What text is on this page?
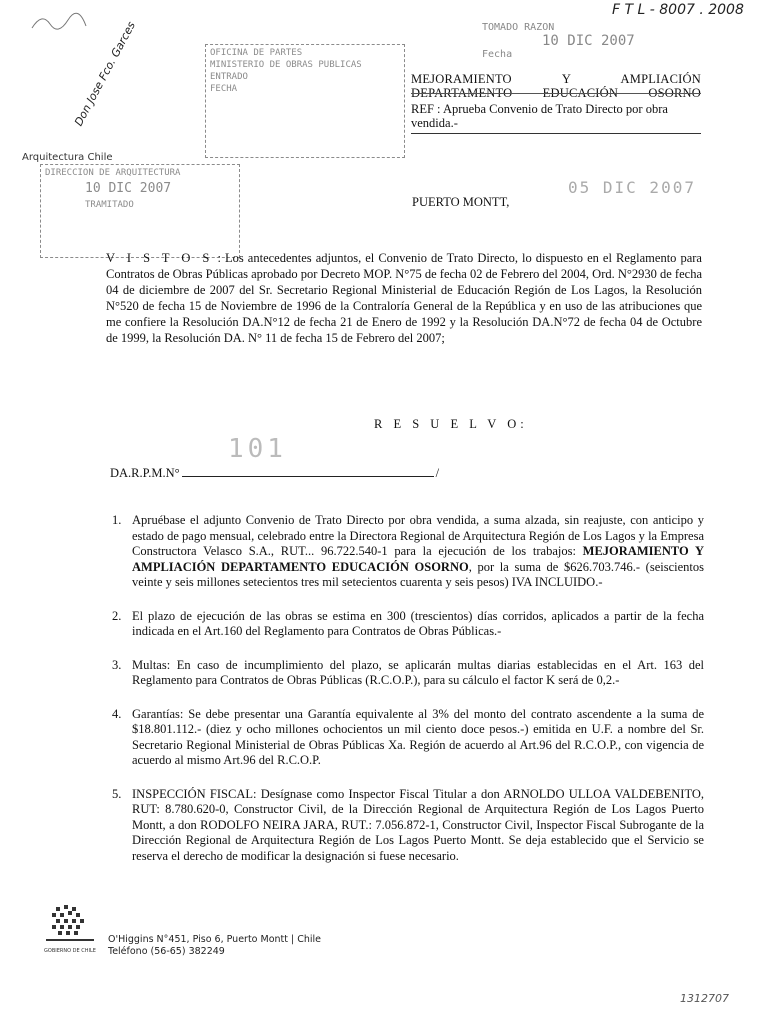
F T L - 8007 . 2008
Don Jose Fco. Garces
Arquitectura Chile
OFICINA DE PARTES
MINISTERIO DE OBRAS PUBLICAS
ENTRADO
FECHA
DIRECCION DE ARQUITECTURA
10 DIC 2007
TRAMITADO
TOMADO RAZON
10 DIC 2007
Fecha
MEJORAMIENTO Y AMPLIACIÓN
DEPARTAMENTO EDUCACIÓN OSORNO
REF : Aprueba Convenio de Trato Directo por obra vendida.-
PUERTO MONTT,
05 DIC 2007
V I S T O S : Los antecedentes adjuntos, el Convenio de Trato Directo, lo dispuesto en el Reglamento para Contratos de Obras Públicas aprobado por Decreto MOP. N°75 de fecha 02 de Febrero del 2004, Ord. N°2930 de fecha 04 de diciembre de 2007 del Sr. Secretario Regional Ministerial de Educación Región de Los Lagos, la Resolución N°520 de fecha 15 de Noviembre de 1996 de la Contraloría General de la República y en uso de las atribuciones que me confiere la Resolución DA.N°12 de fecha 21 de Enero de 1992 y la Resolución DA.N°72 de fecha 04 de Octubre de 1999, la Resolución DA. N° 11 de fecha 15 de Febrero del 2007;
R E S U E L V O:
101
DA.R.P.M.N°	/
1. Apruébase el adjunto Convenio de Trato Directo por obra vendida, a suma alzada, sin reajuste, con anticipo y estado de pago mensual, celebrado entre la Directora Regional de Arquitectura Región de Los Lagos y la Empresa Constructora Velasco S.A., RUT... 96.722.540-1 para la ejecución de los trabajos: MEJORAMIENTO Y AMPLIACIÓN DEPARTAMENTO EDUCACIÓN OSORNO, por la suma de $626.703.746.- (seiscientos veinte y seis millones setecientos tres mil setecientos cuarenta y seis pesos) IVA INCLUIDO.-
2. El plazo de ejecución de las obras se estima en 300 (trescientos) días corridos, aplicados a partir de la fecha indicada en el Art.160 del Reglamento para Contratos de Obras Públicas.-
3. Multas: En caso de incumplimiento del plazo, se aplicarán multas diarias establecidas en el Art. 163 del Reglamento para Contratos de Obras Públicas (R.C.O.P.), para su cálculo el factor K será de 0,2.-
4. Garantías: Se debe presentar una Garantía equivalente al 3% del monto del contrato ascendente a la suma de $18.801.112.- (diez y ocho millones ochocientos un mil ciento doce pesos.-) emitida en U.F. a nombre del Sr. Secretario Regional Ministerial de Obras Públicas Xa. Región de acuerdo al Art.96 del R.C.O.P., con vigencia de acuerdo al mismo Art.96 del R.C.O.P.
5. INSPECCIÓN FISCAL: Desígnase como Inspector Fiscal Titular a don ARNOLDO ULLOA VALDEBENITO, RUT: 8.780.620-0, Constructor Civil, de la Dirección Regional de Arquitectura Región de Los Lagos Puerto Montt, a don RODOLFO NEIRA JARA, RUT.: 7.056.872-1, Constructor Civil, Inspector Fiscal Subrogante de la Dirección Regional de Arquitectura Región de Los Lagos Puerto Montt. Se deja establecido que el Servicio se reserva el derecho de modificar la designación si fuese necesario.
GOBIERNO DE CHILE
O'Higgins N°451, Piso 6, Puerto Montt | Chile
Teléfono (56-65) 382249
1312707
